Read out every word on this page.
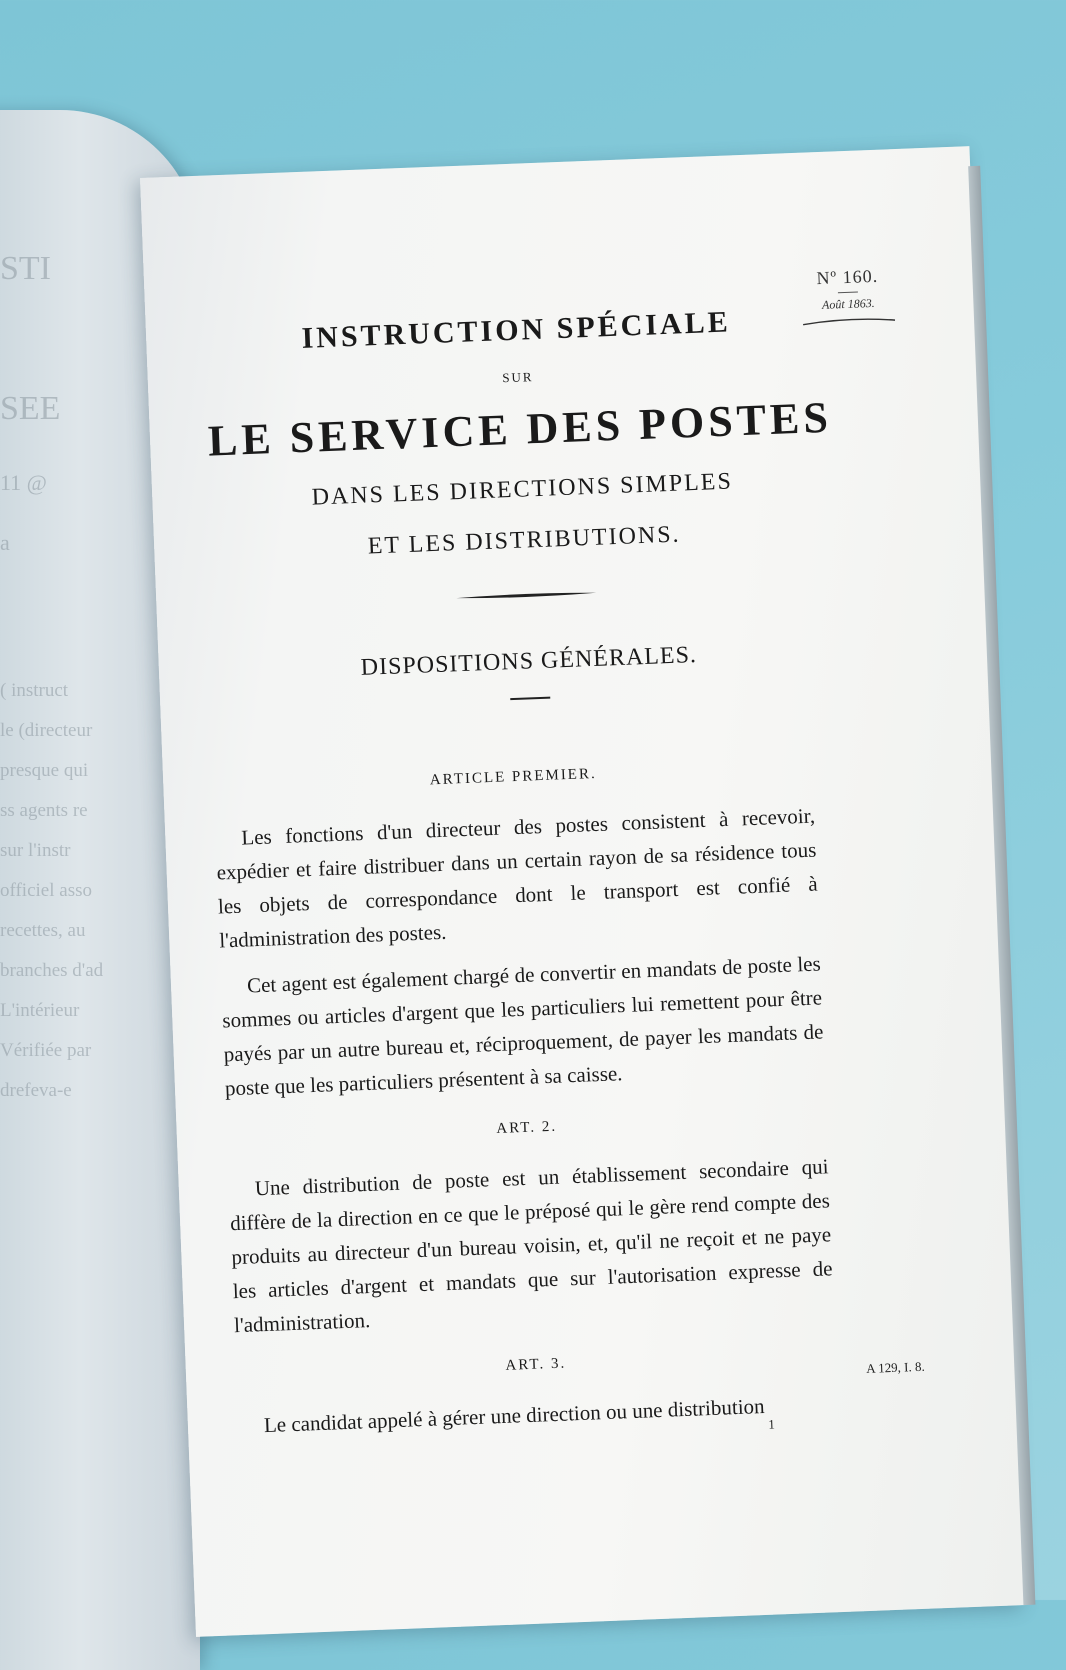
STI
SEE
11 @
a
( instruct
le (directeur
presque qui
ss agents re
sur l'instr
officiel asso
recettes, au
branches d'ad
L'intérieur
Vérifiée par
drefeva-e
Nº 160.
Août 1863.
INSTRUCTION SPÉCIALE
SUR
LE SERVICE DES POSTES
DANS LES DIRECTIONS SIMPLES
ET LES DISTRIBUTIONS.
DISPOSITIONS GÉNÉRALES.
ARTICLE PREMIER.

Les fonctions d'un directeur des postes consistent à recevoir, expédier et faire distribuer dans un certain rayon de sa résidence tous les objets de correspondance dont le transport est confié à l'administration des postes.

Cet agent est également chargé de convertir en mandats de poste les sommes ou articles d'argent que les particuliers lui remettent pour être payés par un autre bureau et, réciproquement, de payer les mandats de poste que les particuliers présentent à sa caisse.

ART. 2.

Une distribution de poste est un établissement secondaire qui diffère de la direction en ce que le préposé qui le gère rend compte des produits au directeur d'un bureau voisin, et, qu'il ne reçoit et ne paye les articles d'argent et mandats que sur l'autorisation expresse de l'administration.

ART. 3.

Le candidat appelé à gérer une direction ou une distribution

A 129, I. 8.
1
